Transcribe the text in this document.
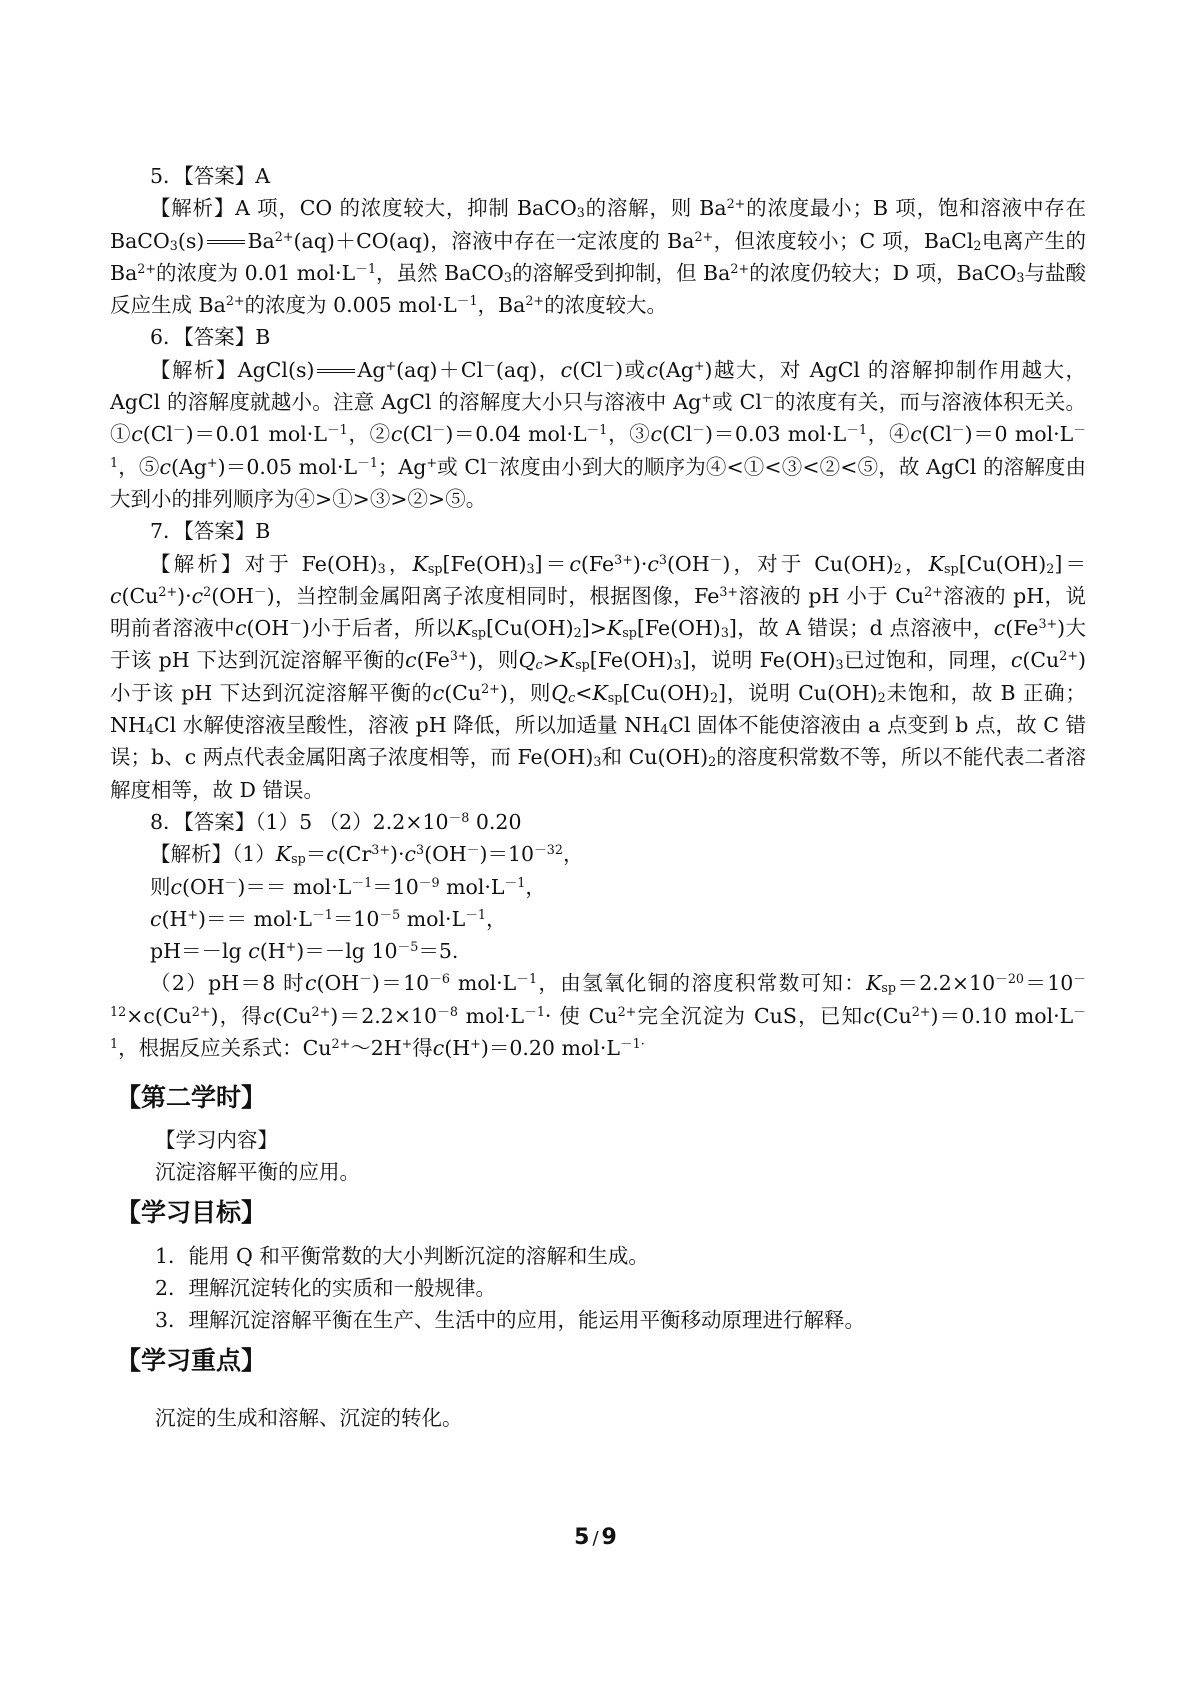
5．【答案】A

【解析】A 项，CO 的浓度较大，抑制 BaCO$_3$的溶解，则 $Ba^{2+}$的浓度最小；B 项，饱和溶液中存在 BaCO$_3$(s) $Ba^{2+}(aq)+CO(aq)$，溶液中存在一定浓度的 $Ba^{2+}$，但浓度较小；C 项，BaCl$_2$电离产生的 $Ba^{2+}$的浓度为 0.01 $mol\cdot L^{-1}$，虽然 BaCO$_3$的溶解受到抑制，但 $Ba^{2+}$的浓度仍较大；D 项，BaCO$_3$与盐酸反应生成 $Ba^{2+}$的浓度为 0.005 $mol\cdot L^{-1}$，$Ba^{2+}$的浓度较大。

6．【答案】B

【解析】AgCl(s) Ag+(aq)＋Cl－(aq)，c(Cl－)或c(Ag+)越大，对 AgCl 的溶解抑制作用越大，AgCl 的溶解度就越小。注意 AgCl 的溶解度大小只与溶液中 Ag+或 Cl－的浓度有关，而与溶液体积无关。①c(Cl－)＝0.01 $mol\cdot L^{-1}$，②c(Cl－)＝0.04 $mol\cdot L^{-1}$，③c(Cl－)＝0.03 $mol\cdot L^{-1}$，④c(Cl－)＝0 $mol\cdot L^{-1}$，⑤c(Ag+)＝0.05 $mol\cdot L^{-1}$；Ag+或 Cl－浓度由小到大的顺序为④<①<③<②<⑤，故 AgCl 的溶解度由大到小的排列顺序为④>①>③>②>⑤。

7．【答案】B

【解析】对于 $Fe(OH)_3$，$K_{sp}[Fe(OH)_3]=c(Fe^{3+})\cdot c^3(OH^-)$，对于 $Cu(OH)_2$，$K_{sp}[Cu(OH)_2]=c(Cu^{2+})\cdot c^2(OH^-)$，当控制金属阳离子浓度相同时，根据图像，$Fe^{3+}$溶液的 pH 小于 $Cu^{2+}$溶液的 pH，说明前者溶液中c(OH－)小于后者，所以$K_{sp}[Cu(OH)_2]>K_{sp}[Fe(OH)_3]$，故 A 错误；d 点溶液中，$c(Fe^{3+})$大于该 pH 下达到沉淀溶解平衡的$c(Fe^{3+})$，则$Q_c>K_{sp}[Fe(OH)_3]$，说明 $Fe(OH)_3$已过饱和，同理，$c(Cu^{2+})$小于该 pH 下达到沉淀溶解平衡的$c(Cu^{2+})$，则$Q_c<K_{sp}[Cu(OH)_2]$，说明 $Cu(OH)_2$未饱和，故 B 正确；$NH_4Cl$ 水解使溶液呈酸性，溶液 pH 降低，所以加适量 $NH_4Cl$ 固体不能使溶液由 a 点变到 b 点，故 C 错误；b、c 两点代表金属阳离子浓度相等，而 $Fe(OH)_3$和 $Cu(OH)_2$的溶度积常数不等，所以不能代表二者溶解度相等，故 D 错误。

8．【答案】（1）5 $(2)2.2\times 10^{-8}$ 0.20

【解析】$(1)K_{sp}=c(Cr^{3+})\cdot c^3(OH^-)=10^{-32}$，

则$c(OH^-)== mol\cdot L^{-1}=10^{-9}$ $mol\cdot L^{-1}$，

$c(H^+)== mol\cdot L^{-1}=10^{-5}$ $mol\cdot L^{-1}$，

pH＝－lg c(H+)＝－lg $10^{-5}=5$.

（2）pH＝8 时$c(OH^-)=10^{-6}$ $mol\cdot L^{-1}$，由氢氧化铜的溶度积常数可知：$K_{sp}=2.2\times 10^{-20}=10^{-12}\times c(Cu^{2+})$，得$c(Cu^{2+})=2.2\times 10^{-8}$ $mol\cdot L^{-1}\cdot$ 使 $Cu^{2+}$完全沉淀为 CuS，已知$c(Cu^{2+})=0.10$ $mol\cdot L^{-1}$，根据反应关系式：$Cu^{2+}\sim 2H^+$得c(H+)＝0.20 $mol\cdot L^{-1\cdot}$

【第二学时】
【学习内容】
沉淀溶解平衡的应用。
【学习目标】
1．能用 Q 和平衡常数的大小判断沉淀的溶解和生成。
2．理解沉淀转化的实质和一般规律。
3．理解沉淀溶解平衡在生产、生活中的应用，能运用平衡移动原理进行解释。
【学习重点】
沉淀的生成和溶解、沉淀的转化。
5 / 9
